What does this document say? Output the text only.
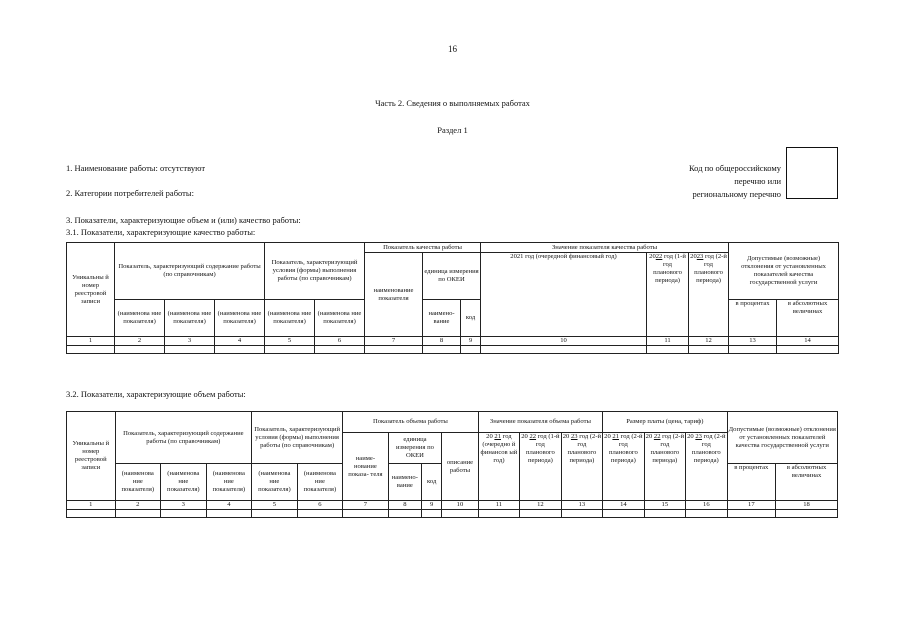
16
Часть 2. Сведения о выполняемых работах
Раздел 1
1. Наименование работы: отсутствуют
2. Категории потребителей работы:
Код по общероссийскому
перечню или
региональному перечню
3. Показатели, характеризующие объем и (или) качество работы:
3.1. Показатели, характеризующие качество работы:
Уникальны й номер реестровой записи	Показатель, характеризующий содержание работы (по справочникам)			Показатель, характеризующий условия (формы) выполнения работы (по справочникам)		Показатель качества работы			Значение показателя качества работы			Допустимые (возможные) отклонения от установленных показателей качества государственной услуги	
						наименование показателя	единица измерения по ОКЕИ		2021 год (очередной финансовый год)	2022 год (1-й год планового периода)	2023 год (2-й год планового периода)		
	(наименова ние показателя)	(наименова ние показателя)	(наименова ние показателя)	(наименова ние показателя)	(наименова ние показателя)		наимено- вание	код				в процентах	в абсолютных величинах
1	2	3	4	5	6	7	8	9	10	11	12	13	14

3.2. Показатели, характеризующие объем работы:
Уникальны й номер реестровой записи	Показатель, характеризующий содержание работы (по справочникам)			Показатель, характеризующий условия (формы) выполнения работы (по справочникам)		Показатель объема работы				Значение показателя объема работы			Размер платы (цена, тариф)			Допустимые (возможные) отклонения от установленных показателей качества государственной услуги	
						наиме- нование показа- теля	единица измерения по ОКЕИ		описание работы	20 21 год (очередно й финансов ый год)	20 22 год (1-й год планового периода)	20 23 год (2-й год планового периода)	20 21 год (2-й год планового периода)	20 22 год (2-й год планового периода)	20 23 год (2-й год планового периода)		
	(наименова ние показателя)	(наименова ние показателя)	(наименова ние показателя)	(наименова ние показателя)	(наименова ние показателя)		наимено- вание	код								в процентах	в абсолютных величинах
1	2	3	4	5	6	7	8	9	10	11	12	13	14	15	16	17	18
